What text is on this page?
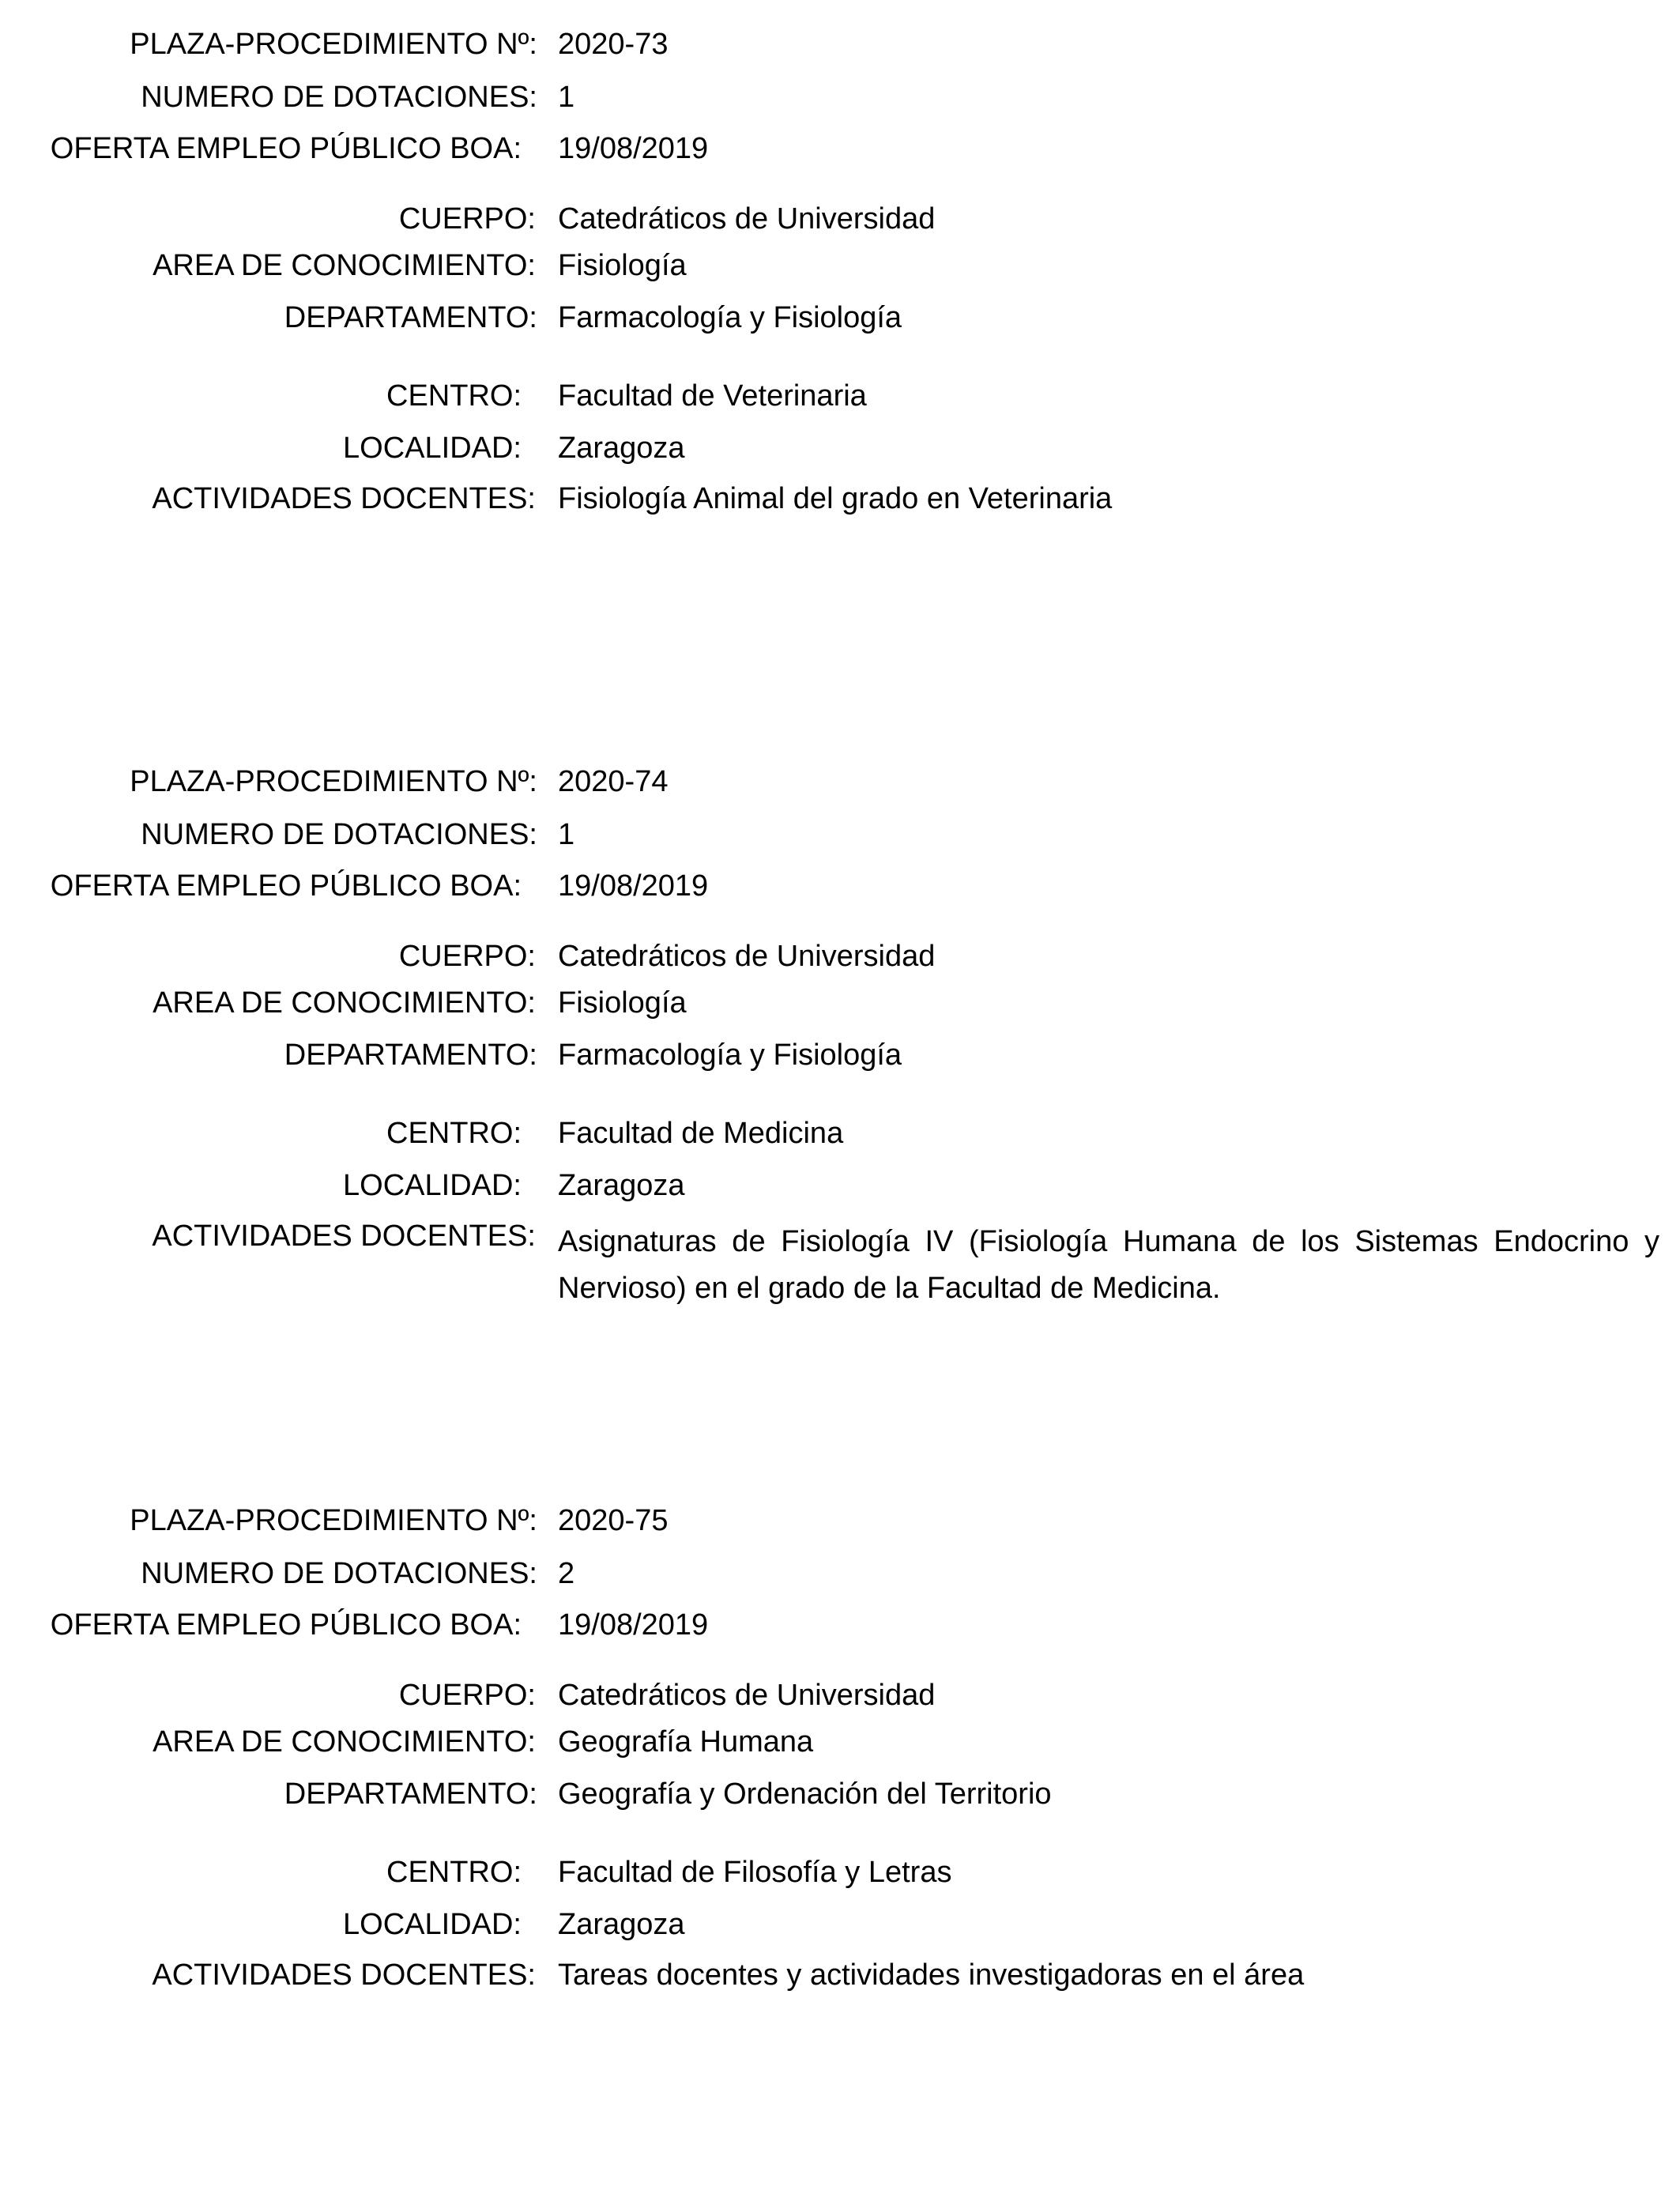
PLAZA-PROCEDIMIENTO Nº: 2020-73
NUMERO DE DOTACIONES: 1
OFERTA EMPLEO PÚBLICO BOA: 19/08/2019
CUERPO: Catedráticos de Universidad
AREA DE CONOCIMIENTO: Fisiología
DEPARTAMENTO: Farmacología y Fisiología
CENTRO: Facultad de Veterinaria
LOCALIDAD: Zaragoza
ACTIVIDADES DOCENTES: Fisiología Animal del grado en Veterinaria
PLAZA-PROCEDIMIENTO Nº: 2020-74
NUMERO DE DOTACIONES: 1
OFERTA EMPLEO PÚBLICO BOA: 19/08/2019
CUERPO: Catedráticos de Universidad
AREA DE CONOCIMIENTO: Fisiología
DEPARTAMENTO: Farmacología y Fisiología
CENTRO: Facultad de Medicina
LOCALIDAD: Zaragoza
ACTIVIDADES DOCENTES: Asignaturas de Fisiología IV (Fisiología Humana de los Sistemas Endocrino y Nervioso) en el grado de la Facultad de Medicina.
PLAZA-PROCEDIMIENTO Nº: 2020-75
NUMERO DE DOTACIONES: 2
OFERTA EMPLEO PÚBLICO BOA: 19/08/2019
CUERPO: Catedráticos de Universidad
AREA DE CONOCIMIENTO: Geografía Humana
DEPARTAMENTO: Geografía y Ordenación del Territorio
CENTRO: Facultad de Filosofía y Letras
LOCALIDAD: Zaragoza
ACTIVIDADES DOCENTES: Tareas docentes y actividades investigadoras en el área
